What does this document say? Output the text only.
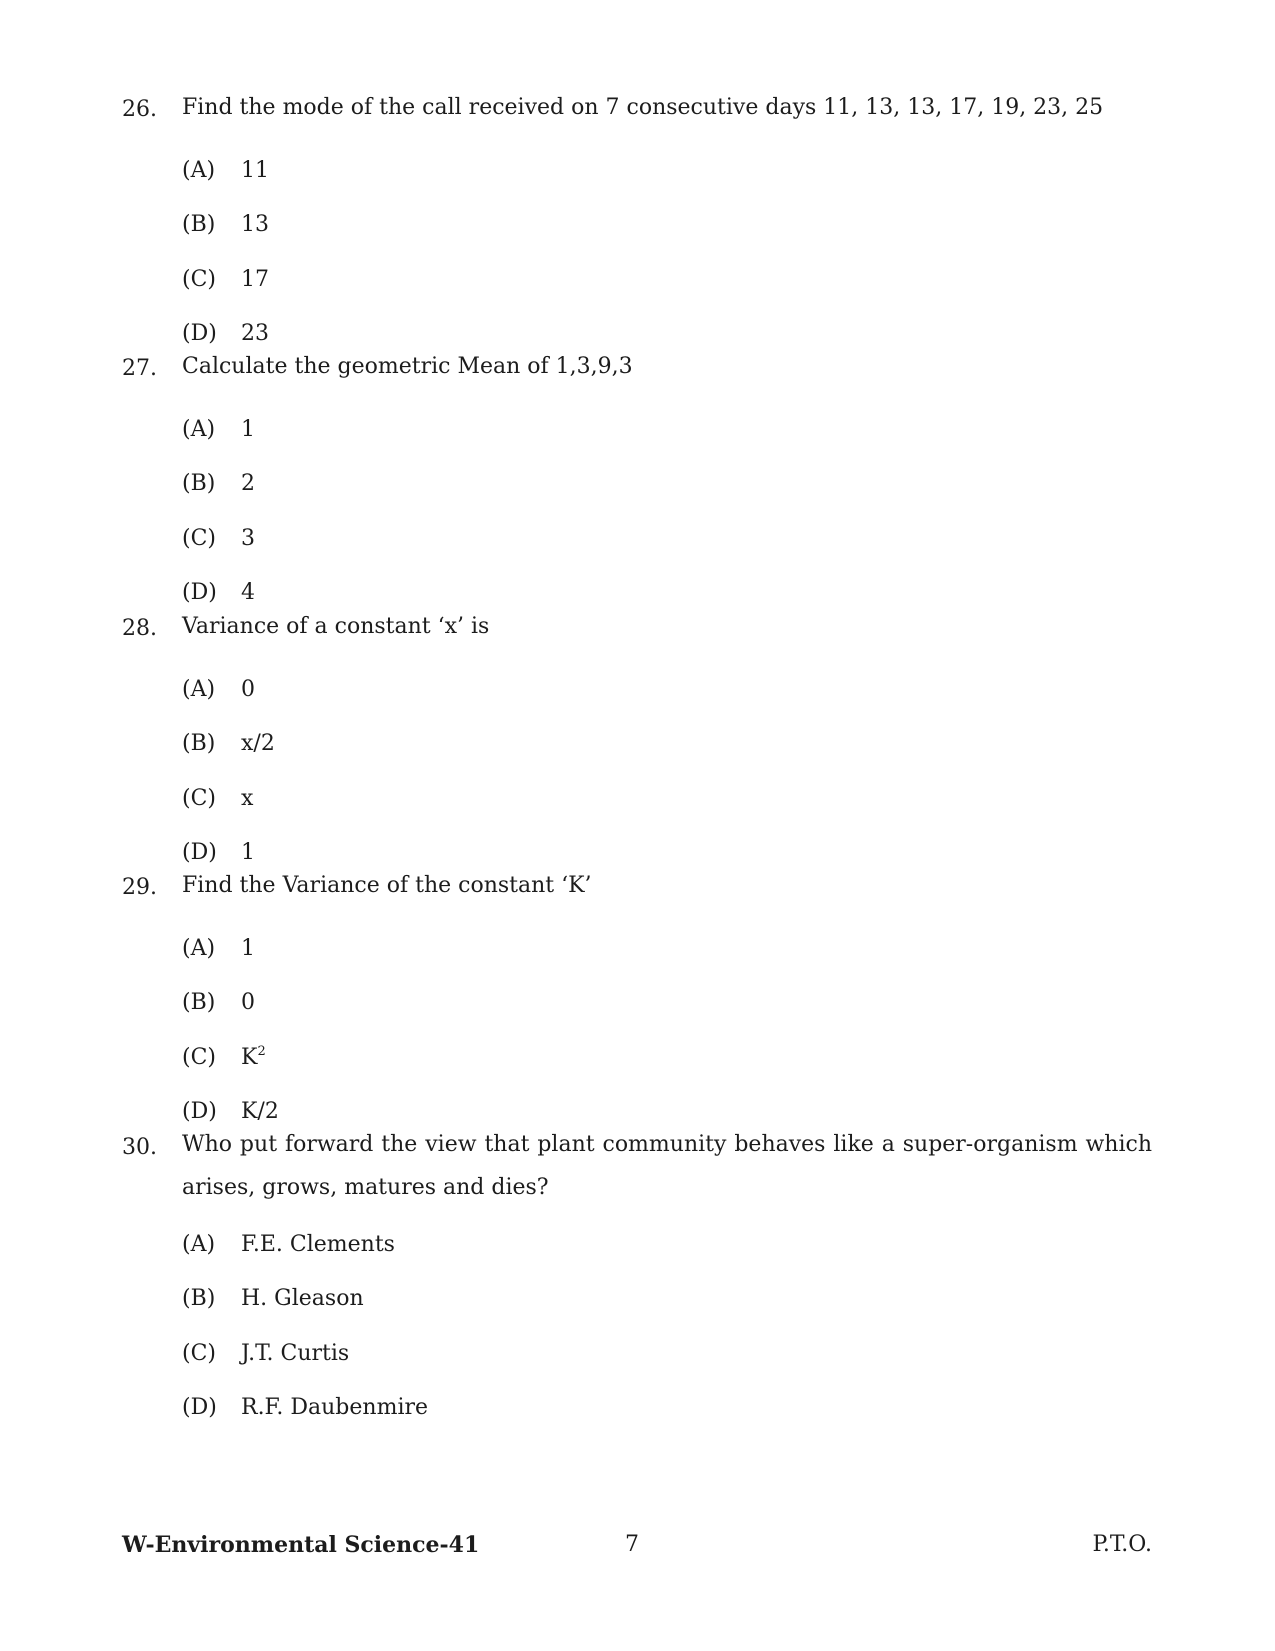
26.	Find the mode of the call received on 7 consecutive days 11, 13, 13, 17, 19, 23, 25
(A)	11
(B)	13
(C)	17
(D)	23
27.	Calculate the geometric Mean of 1,3,9,3
(A)	1
(B)	2
(C)	3
(D)	4
28.	Variance of a constant ‘x’ is
(A)	0
(B)	x/2
(C)	x
(D)	1
29.	Find the Variance of the constant ‘K’
(A)	1
(B)	0
(C)	$K^2$
(D)	K/2
30.	Who put forward the view that plant community behaves like a super-organism which arises, grows, matures and dies?
(A)	F.E. Clements
(B)	H. Gleason
(C)	J.T. Curtis
(D)	R.F. Daubenmire
W-Environmental Science-41	7	P.T.O.
